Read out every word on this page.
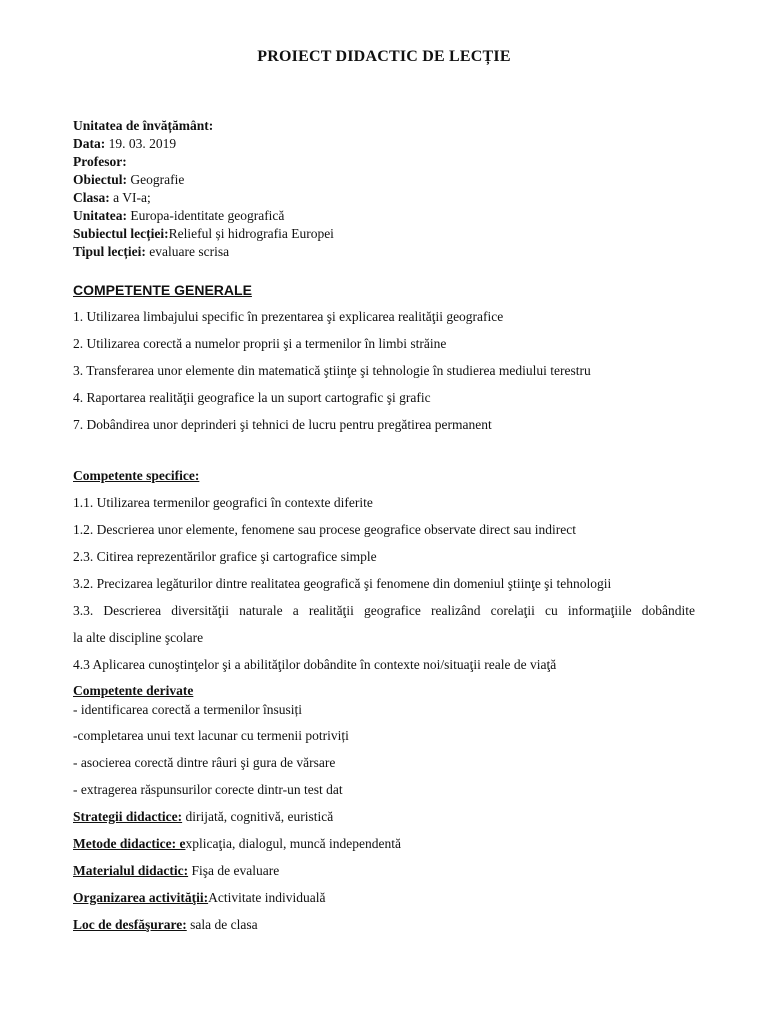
PROIECT DIDACTIC DE LECȚIE
Unitatea de învățământ:
Data: 19. 03. 2019
Profesor:
Obiectul: Geografie
Clasa: a VI-a;
Unitatea: Europa-identitate geografică
Subiectul lecției:Relieful și hidrografia Europei
Tipul lecției: evaluare scrisa
COMPETENTE GENERALE
1. Utilizarea limbajului specific în prezentarea şi explicarea realităţii geografice
2. Utilizarea corectă a numelor proprii şi a termenilor în limbi străine
3. Transferarea unor elemente din matematică ştiinţe şi tehnologie în studierea mediului terestru
4. Raportarea realităţii geografice la un suport cartografic şi grafic
7. Dobândirea unor deprinderi şi tehnici de lucru pentru pregătirea permanent
Competente specifice:
1.1. Utilizarea termenilor geografici în contexte diferite
1.2. Descrierea unor elemente, fenomene sau procese geografice observate direct sau indirect
2.3. Citirea reprezentărilor grafice şi cartografice simple
3.2. Precizarea legăturilor dintre realitatea geografică şi fenomene din domeniul ştiinţe şi tehnologii
3.3. Descrierea diversităţii naturale a realităţii geografice realizând corelaţii cu informaţiile dobândite
la alte discipline şcolare
4.3 Aplicarea cunoştinţelor şi a abilităţilor dobândite în contexte noi/situaţii reale de viaţă
Competente derivate
- identificarea corectă a termenilor însusiți
-completarea unui text lacunar cu termenii potriviți
- asocierea corectă dintre râuri şi gura de vărsare
- extragerea răspunsurilor corecte dintr-un test dat
Strategii didactice: dirijată, cognitivă, euristică
Metode didactice: explicaţia, dialogul, muncă independentă
Materialul didactic: Fişa de evaluare
Organizarea activităţii:Activitate individuală
Loc de desfăşurare: sala de clasa
